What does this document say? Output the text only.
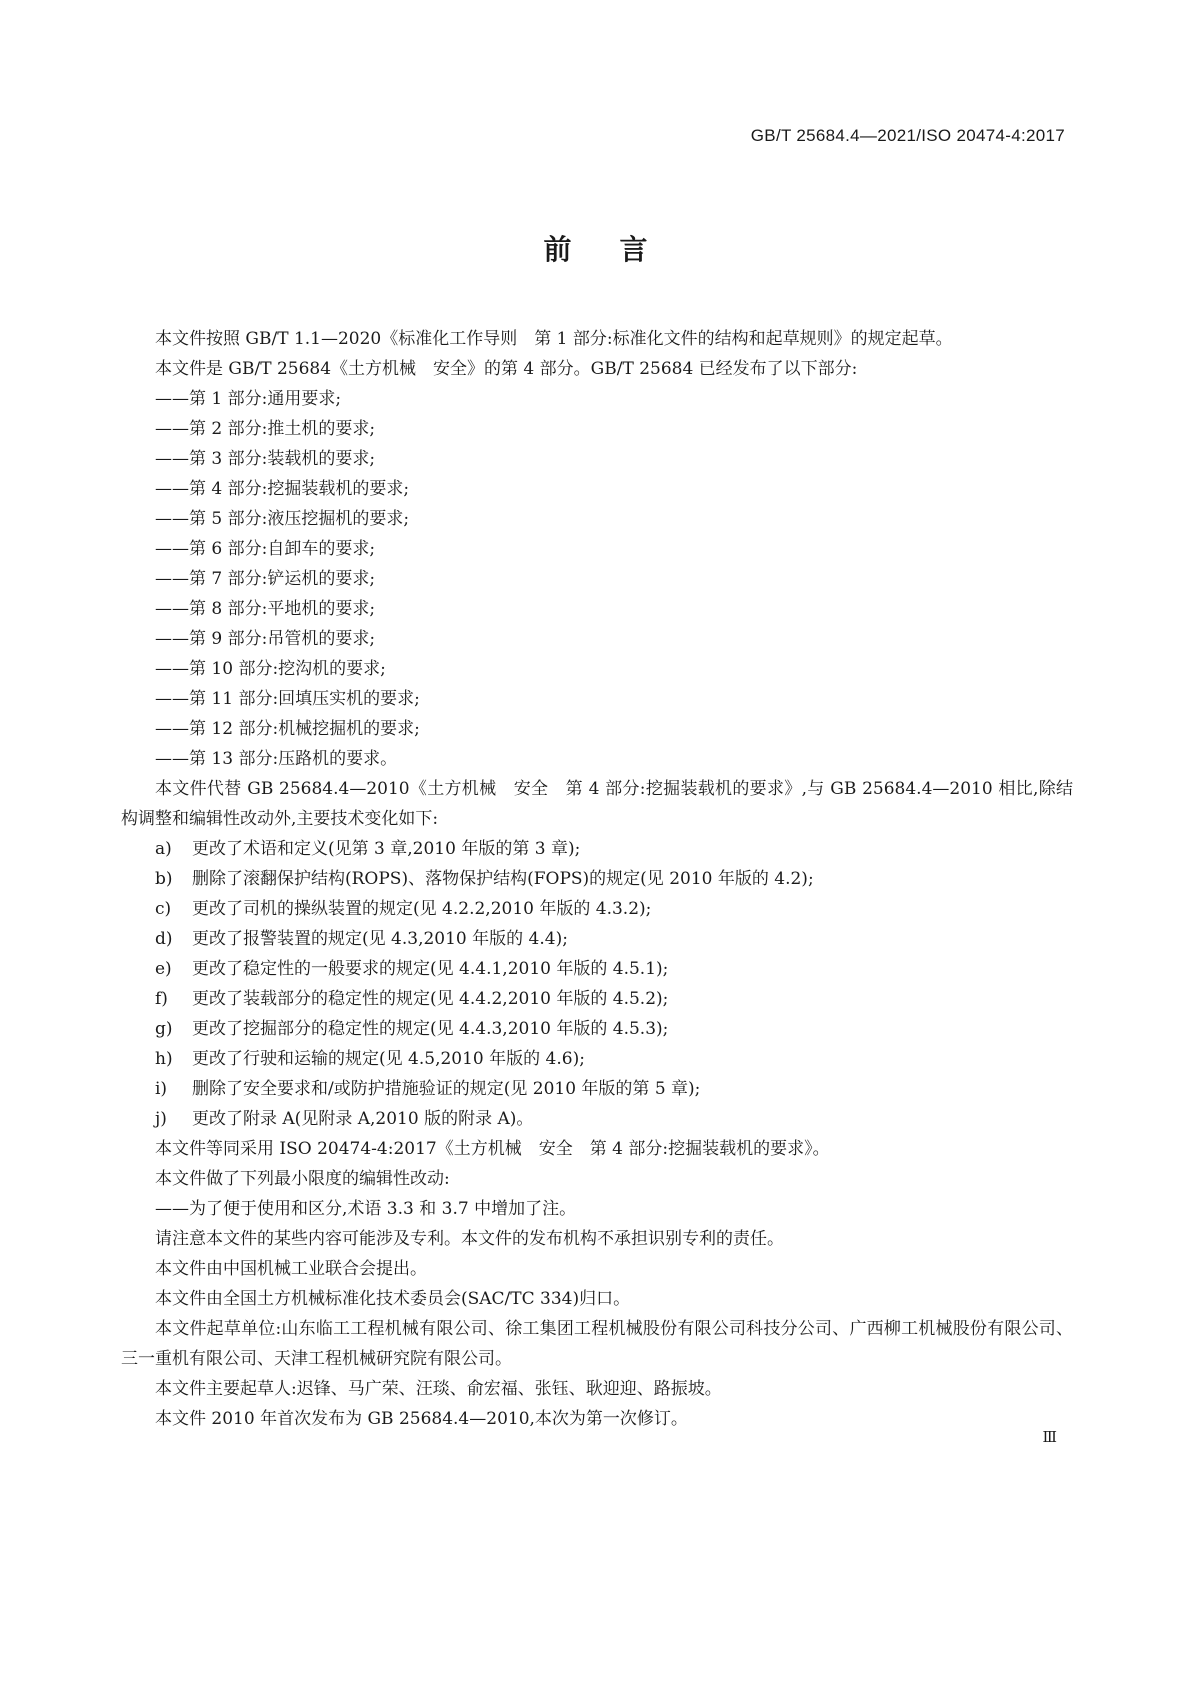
GB/T 25684.4—2021/ISO 20474-4:2017
前言

本文件按照 GB/T 1.1—2020《标准化工作导则　第 1 部分:标准化文件的结构和起草规则》的规定起草。

本文件是 GB/T 25684《土方机械　安全》的第 4 部分。GB/T 25684 已经发布了以下部分:

——第 1 部分:通用要求;

——第 2 部分:推土机的要求;

——第 3 部分:装载机的要求;

——第 4 部分:挖掘装载机的要求;

——第 5 部分:液压挖掘机的要求;

——第 6 部分:自卸车的要求;

——第 7 部分:铲运机的要求;

——第 8 部分:平地机的要求;

——第 9 部分:吊管机的要求;

——第 10 部分:挖沟机的要求;

——第 11 部分:回填压实机的要求;

——第 12 部分:机械挖掘机的要求;

——第 13 部分:压路机的要求。

本文件代替 GB 25684.4—2010《土方机械　安全　第 4 部分:挖掘装载机的要求》,与 GB 25684.4—2010 相比,除结构调整和编辑性改动外,主要技术变化如下:

a)	更改了术语和定义(见第 3 章,2010 年版的第 3 章);
b)	删除了滚翻保护结构(ROPS)、落物保护结构(FOPS)的规定(见 2010 年版的 4.2);
c)	更改了司机的操纵装置的规定(见 4.2.2,2010 年版的 4.3.2);
d)	更改了报警装置的规定(见 4.3,2010 年版的 4.4);
e)	更改了稳定性的一般要求的规定(见 4.4.1,2010 年版的 4.5.1);
f)	更改了装载部分的稳定性的规定(见 4.4.2,2010 年版的 4.5.2);
g)	更改了挖掘部分的稳定性的规定(见 4.4.3,2010 年版的 4.5.3);
h)	更改了行驶和运输的规定(见 4.5,2010 年版的 4.6);
i)	删除了安全要求和/或防护措施验证的规定(见 2010 年版的第 5 章);
j)	更改了附录 A(见附录 A,2010 版的附录 A)。

本文件等同采用 ISO 20474-4:2017《土方机械　安全　第 4 部分:挖掘装载机的要求》。

本文件做了下列最小限度的编辑性改动:

——为了便于使用和区分,术语 3.3 和 3.7 中增加了注。

请注意本文件的某些内容可能涉及专利。本文件的发布机构不承担识别专利的责任。

本文件由中国机械工业联合会提出。

本文件由全国土方机械标准化技术委员会(SAC/TC 334)归口。

本文件起草单位:山东临工工程机械有限公司、徐工集团工程机械股份有限公司科技分公司、广西柳工机械股份有限公司、三一重机有限公司、天津工程机械研究院有限公司。

本文件主要起草人:迟锋、马广荣、汪琰、俞宏福、张钰、耿迎迎、路振坡。

本文件 2010 年首次发布为 GB 25684.4—2010,本次为第一次修订。

Ⅲ
